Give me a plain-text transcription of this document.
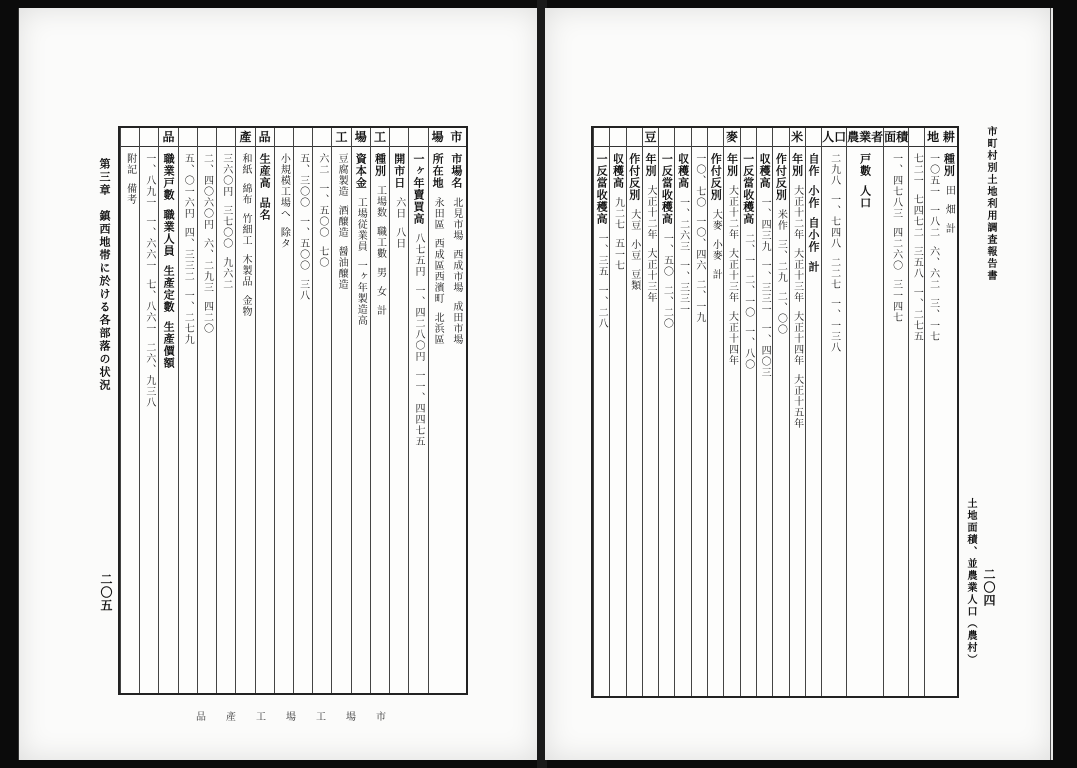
第三章　鎮西地帯に於ける各部落の状況
二〇五
市
市場名
北見市場
西成市場
成田市場
場
所在地
永田區
西成區西濱町
北浜區
一ヶ年賣買高
八七五円
一、四二八〇円
一一、四四七五
開市日
六日
八日
工
種別
工場数
職工數
男
女
計
場
資本金
工場従業員
一ヶ年製造高
工
豆腐製造
酒醸造
醤油醸造
六二
一、五〇〇
七〇
五、三〇〇
一、五〇〇
三八
小規模工場へ
除タ
品
生産高
品名
產
和紙
綿布
竹細工
木製品
金物
三六〇円
三七〇〇
九六二
二、四〇六〇円
六、二九三
四二〇
五、〇一六円
四、三三二
一、二七九
品
職業戸數
職業人員
生產定數
生產價額
一、八九一
一、六六一
七、八六一
二六、九三八
附記
備考
品　　產　　工　　場　　工　　場　　市
市町村別土地利用調査報告書
土地面積、並農業人口（農村） 二〇四
耕
種別
田
畑
計
地
一〇五一
一八二
六、六二
三、一七
七二一
七四七二
三五八
一、二七五
面積
一、四七八三
四二六〇
三一四七
農業者
戸數
人口
人口
二九八
一、七四八
二二七
一、一三八
自作
小作
自小作
計
米
年別
大正十二年
大正十三年
大正十四年
大正十五年
作付反別
米作
三、二九
二、〇〇
収穫高
一、四三九
一、三三一
一、四〇三
一反當收穫高
二、一
二、一〇
一、八〇
麥
年別
大正十二年
大正十三年
大正十四年
作付反別
大麥
小麥
計
一〇、七〇
一〇、四六
二、一九
収穫高
一、二六三
一、三三一
一反當收穫高
一、五〇
二、二〇
豆
年別
大正十二年
大正十三年
作付反別
大豆
小豆
豆類
収穫高
九二七
五一七
一反當收穫高
一、三五
一、二八
